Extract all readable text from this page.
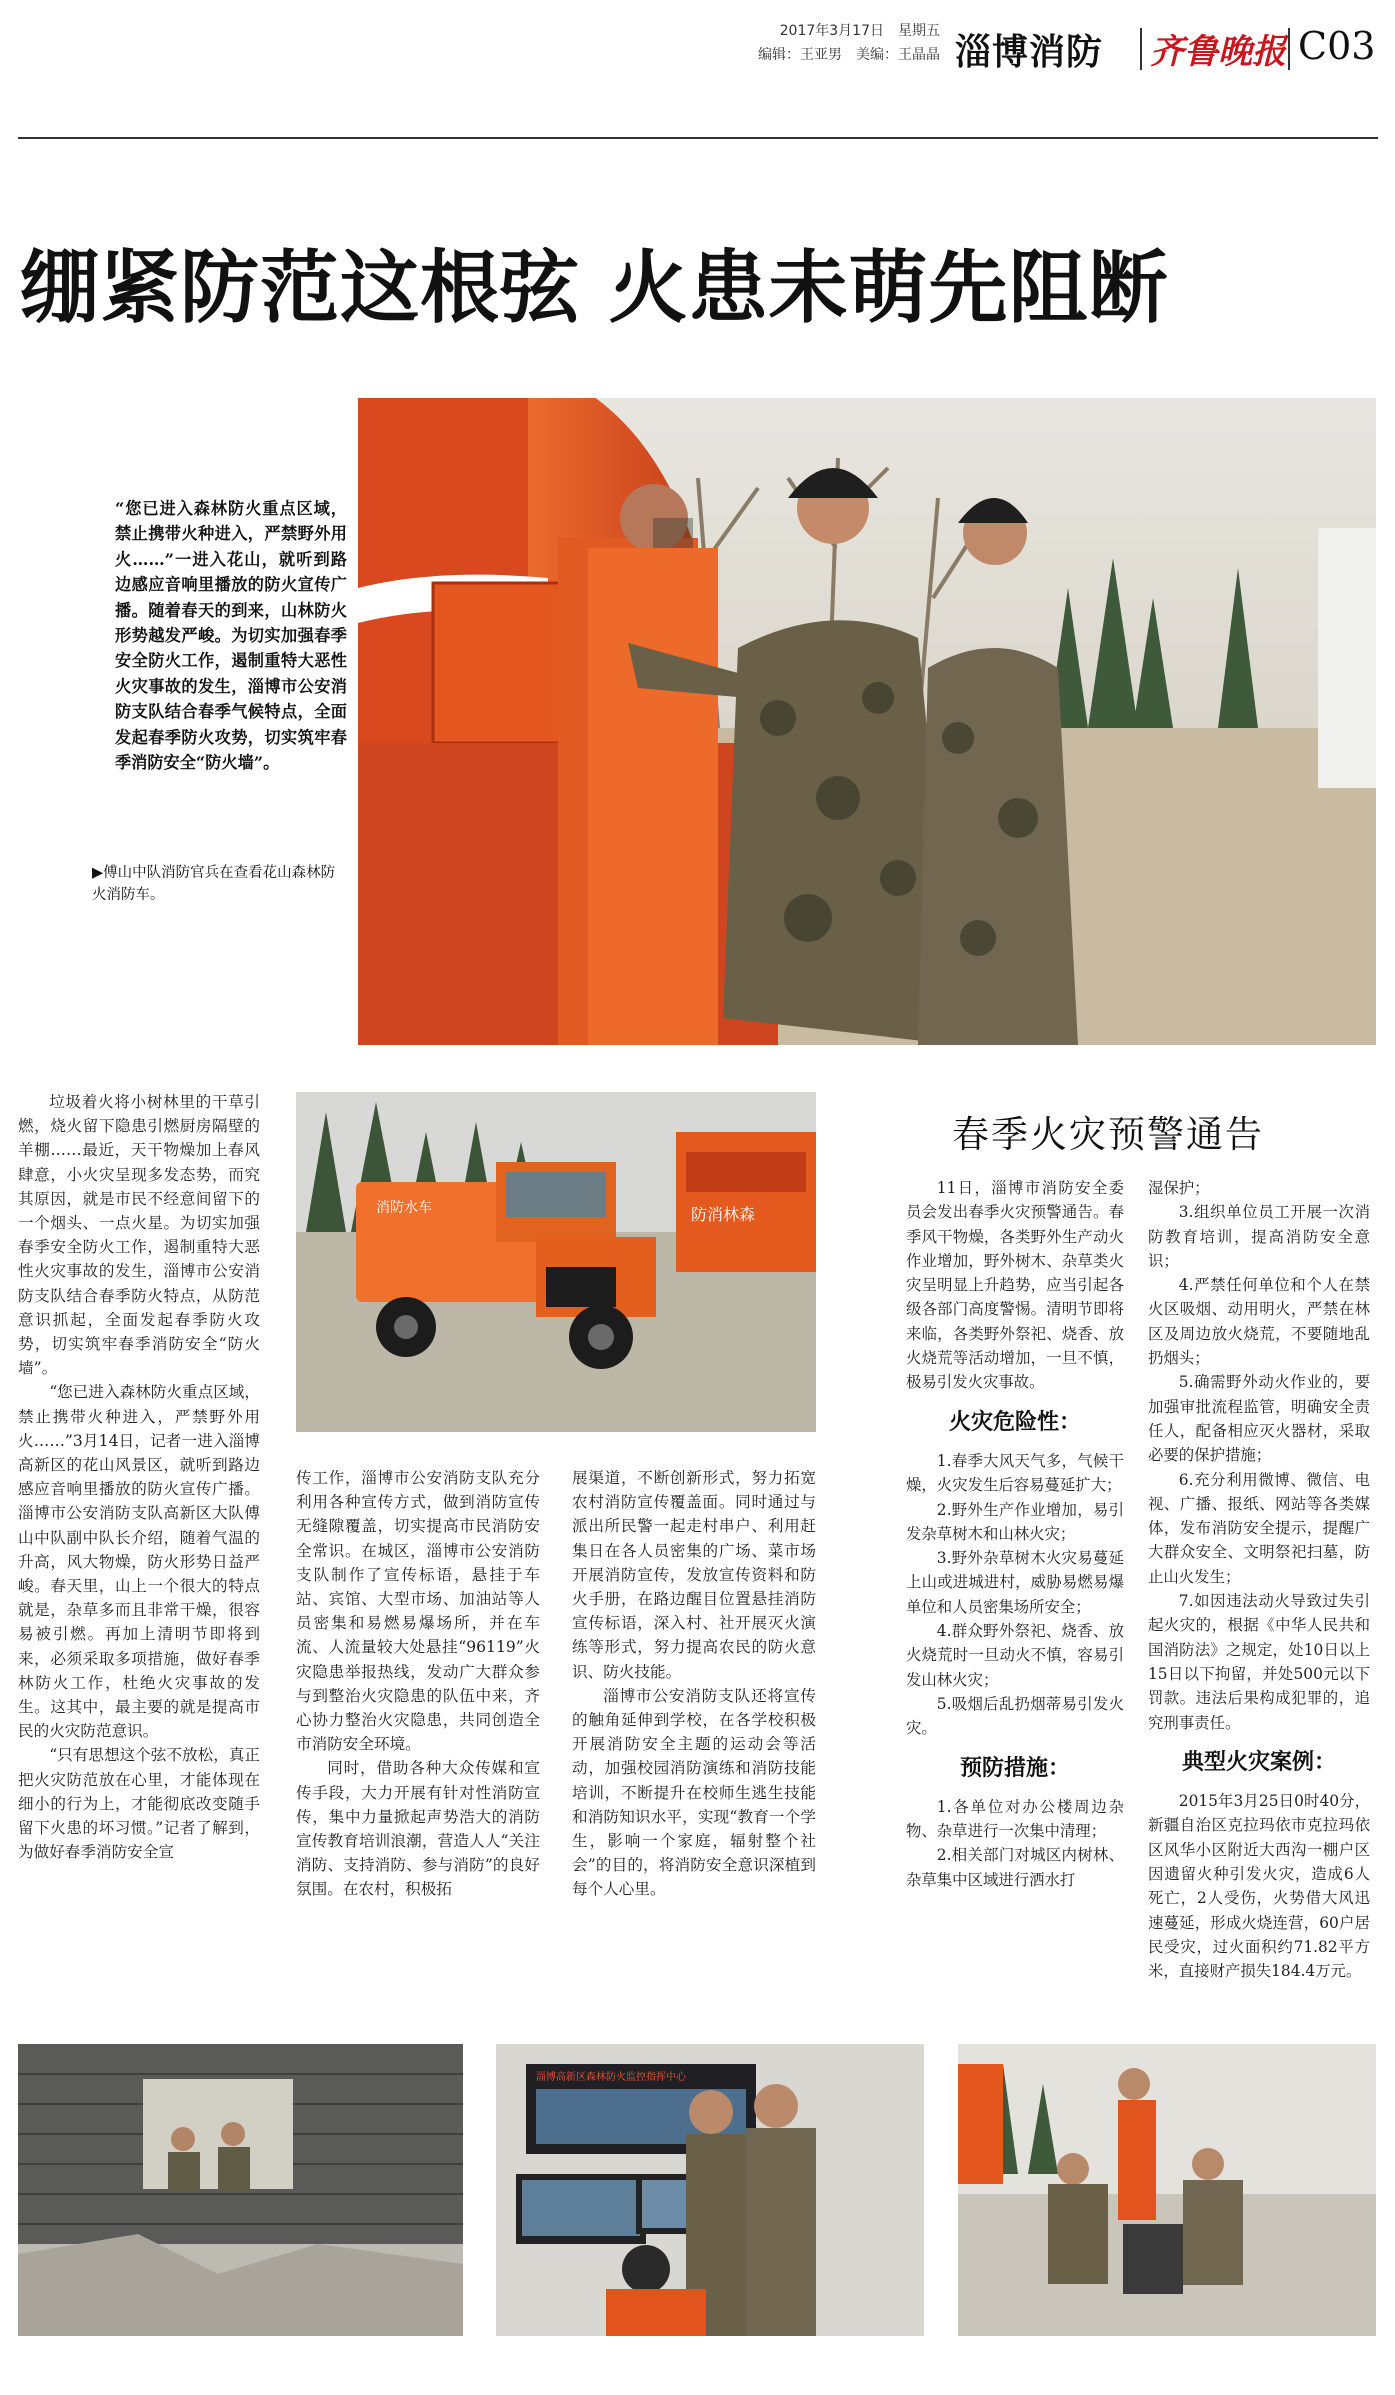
2017年3月17日　星期五
编辑：王亚男　美编：王晶晶 淄博消防 齐鲁晚报 C03
绷紧防范这根弦 火患未萌先阻断
“您已进入森林防火重点区域，禁止携带火种进入，严禁野外用火……”一进入花山，就听到路边感应音响里播放的防火宣传广播。随着春天的到来，山林防火形势越发严峻。为切实加强春季安全防火工作，遏制重特大恶性火灾事故的发生，淄博市公安消防支队结合春季气候特点，全面发起春季防火攻势，切实筑牢春季消防安全“防火墙”。
▶傅山中队消防官兵在查看花山森林防火消防车。
防消林森
消防水车

垃圾着火将小树林里的干草引燃，烧火留下隐患引燃厨房隔壁的羊棚……最近，天干物燥加上春风肆意，小火灾呈现多发态势，而究其原因，就是市民不经意间留下的一个烟头、一点火星。为切实加强春季安全防火工作，遏制重特大恶性火灾事故的发生，淄博市公安消防支队结合春季防火特点，从防范意识抓起，全面发起春季防火攻势，切实筑牢春季消防安全“防火墙”。

“您已进入森林防火重点区域，禁止携带火种进入，严禁野外用火……”3月14日，记者一进入淄博高新区的花山风景区，就听到路边感应音响里播放的防火宣传广播。淄博市公安消防支队高新区大队傅山中队副中队长介绍，随着气温的升高，风大物燥，防火形势日益严峻。春天里，山上一个很大的特点就是，杂草多而且非常干燥，很容易被引燃。再加上清明节即将到来，必须采取多项措施，做好春季林防火工作，杜绝火灾事故的发生。这其中，最主要的就是提高市民的火灾防范意识。

“只有思想这个弦不放松，真正把火灾防范放在心里，才能体现在细小的行为上，才能彻底改变随手留下火患的坏习惯。”记者了解到，为做好春季消防安全宣

传工作，淄博市公安消防支队充分利用各种宣传方式，做到消防宣传无缝隙覆盖，切实提高市民消防安全常识。在城区，淄博市公安消防支队制作了宣传标语，悬挂于车站、宾馆、大型市场、加油站等人员密集和易燃易爆场所，并在车流、人流量较大处悬挂“96119”火灾隐患举报热线，发动广大群众参与到整治火灾隐患的队伍中来，齐心协力整治火灾隐患，共同创造全市消防安全环境。

同时，借助各种大众传媒和宣传手段，大力开展有针对性消防宣传，集中力量掀起声势浩大的消防宣传教育培训浪潮，营造人人“关注消防、支持消防、参与消防”的良好氛围。在农村，积极拓

展渠道，不断创新形式，努力拓宽农村消防宣传覆盖面。同时通过与派出所民警一起走村串户、利用赶集日在各人员密集的广场、菜市场开展消防宣传，发放宣传资料和防火手册，在路边醒目位置悬挂消防宣传标语，深入村、社开展灭火演练等形式，努力提高农民的防火意识、防火技能。

淄博市公安消防支队还将宣传的触角延伸到学校，在各学校积极开展消防安全主题的运动会等活动，加强校园消防演练和消防技能培训，不断提升在校师生逃生技能和消防知识水平，实现“教育一个学生，影响一个家庭，辐射整个社会”的目的，将消防安全意识深植到每个人心里。

春季火灾预警通告

11日，淄博市消防安全委员会发出春季火灾预警通告。春季风干物燥，各类野外生产动火作业增加，野外树木、杂草类火灾呈明显上升趋势，应当引起各级各部门高度警惕。清明节即将来临，各类野外祭祀、烧香、放火烧荒等活动增加，一旦不慎，极易引发火灾事故。

火灾危险性：

1.春季大风天气多，气候干燥，火灾发生后容易蔓延扩大；

2.野外生产作业增加，易引发杂草树木和山林火灾；

3.野外杂草树木火灾易蔓延上山或进城进村，威胁易燃易爆单位和人员密集场所安全；

4.群众野外祭祀、烧香、放火烧荒时一旦动火不慎，容易引发山林火灾；

5.吸烟后乱扔烟蒂易引发火灾。

预防措施：

1.各单位对办公楼周边杂物、杂草进行一次集中清理；

2.相关部门对城区内树林、杂草集中区域进行洒水打

湿保护；

3.组织单位员工开展一次消防教育培训，提高消防安全意识；

4.严禁任何单位和个人在禁火区吸烟、动用明火，严禁在林区及周边放火烧荒，不要随地乱扔烟头；

5.确需野外动火作业的，要加强审批流程监管，明确安全责任人，配备相应灭火器材，采取必要的保护措施；

6.充分利用微博、微信、电视、广播、报纸、网站等各类媒体，发布消防安全提示，提醒广大群众安全、文明祭祀扫墓，防止山火发生；

7.如因违法动火导致过失引起火灾的，根据《中华人民共和国消防法》之规定，处10日以上15日以下拘留，并处500元以下罚款。违法后果构成犯罪的，追究刑事责任。

典型火灾案例：

2015年3月25日0时40分，新疆自治区克拉玛依市克拉玛依区风华小区附近大西沟一棚户区因遗留火种引发火灾，造成6人死亡，2人受伤，火势借大风迅速蔓延，形成火烧连营，60户居民受灾，过火面积约71.82平方米，直接财产损失184.4万元。

淄博高新区森林防火监控指挥中心
